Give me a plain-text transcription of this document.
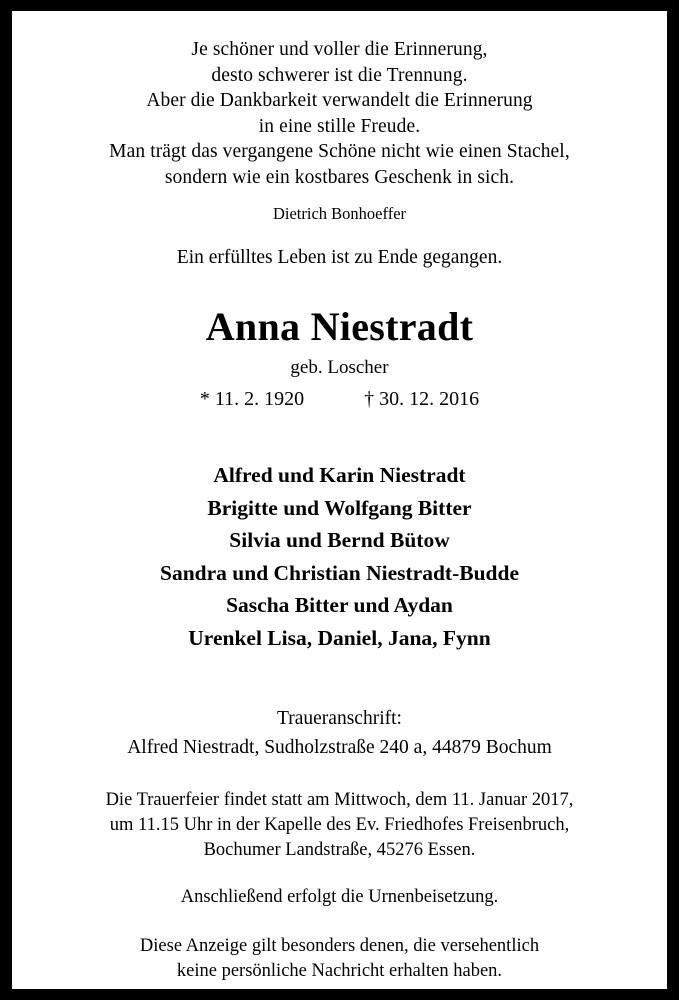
Je schöner und voller die Erinnerung,
desto schwerer ist die Trennung.
Aber die Dankbarkeit verwandelt die Erinnerung
in eine stille Freude.
Man trägt das vergangene Schöne nicht wie einen Stachel,
sondern wie ein kostbares Geschenk in sich.
Dietrich Bonhoeffer
Ein erfülltes Leben ist zu Ende gegangen.
Anna Niestradt
geb. Loscher
* 11. 2. 1920	† 30. 12. 2016
Alfred und Karin Niestradt
Brigitte und Wolfgang Bitter
Silvia und Bernd Bütow
Sandra und Christian Niestradt-Budde
Sascha Bitter und Aydan
Urenkel Lisa, Daniel, Jana, Fynn
Traueranschrift:
Alfred Niestradt, Sudholzstraße 240 a, 44879 Bochum
Die Trauerfeier findet statt am Mittwoch, dem 11. Januar 2017,
um 11.15 Uhr in der Kapelle des Ev. Friedhofes Freisenbruch,
Bochumer Landstraße, 45276 Essen.
Anschließend erfolgt die Urnenbeisetzung.
Diese Anzeige gilt besonders denen, die versehentlich
keine persönliche Nachricht erhalten haben.
